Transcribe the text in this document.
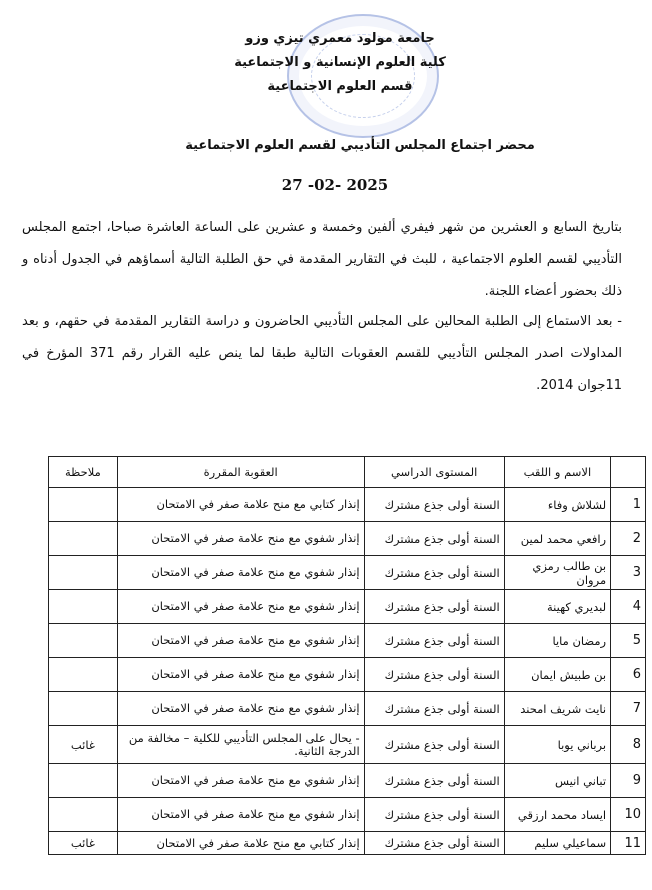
جامعة مولود معمري تيزي وزو
كلية العلوم الإنسانية و الاجتماعية
قسم العلوم الاجتماعية
محضر اجتماع المجلس التأديبي لقسم العلوم الاجتماعية
27 -02- 2025
بتاريخ السابع و العشرين من شهر فيفري ألفين وخمسة و عشرين على الساعة العاشرة صباحا، اجتمع المجلس التأديبي لقسم العلوم الاجتماعية ، للبث في التقارير المقدمة في حق الطلبة التالية أسماؤهم في الجدول أدناه و ذلك بحضور أعضاء اللجنة.
- بعد الاستماع إلى الطلبة المحالين على المجلس التأديبي الحاضرون و دراسة التقارير المقدمة في حقهم، و بعد المداولات اصدر المجلس التأديبي للقسم العقوبات التالية طبقا لما ينص عليه القرار رقم 371 المؤرخ في 11جوان 2014.
	الاسم و اللقب	المستوى الدراسي	العقوبة المقررة	ملاحظة
1	لشلاش وفاء	السنة أولى جذع مشترك	إنذار كتابي مع منح علامة صفر في الامتحان	
2	رافعي محمد لمين	السنة أولى جذع مشترك	إنذار شفوي مع منح علامة صفر في الامتحان	
3	بن طالب رمزي مروان	السنة أولى جذع مشترك	إنذار شفوي مع منح علامة صفر في الامتحان	
4	لبديري كهينة	السنة أولى جذع مشترك	إنذار شفوي مع منح علامة صفر في الامتحان	
5	رمضان مايا	السنة أولى جذع مشترك	إنذار شفوي مع منح علامة صفر في الامتحان	
6	بن طبيش ايمان	السنة أولى جذع مشترك	إنذار شفوي مع منح علامة صفر في الامتحان	
7	نايت شريف امحند	السنة أولى جذع مشترك	إنذار شفوي مع منح علامة صفر في الامتحان	
8	برباني يوبا	السنة أولى جذع مشترك	- يحال على المجلس التأديبي للكلية – مخالفة من الدرجة الثانية.	غائب
9	تباني انيس	السنة أولى جذع مشترك	إنذار شفوي مع منح علامة صفر في الامتحان	
10	ايساد محمد ارزقي	السنة أولى جذع مشترك	إنذار شفوي مع منح علامة صفر في الامتحان	
11	سماعيلي سليم	السنة أولى جذع مشترك	إنذار كتابي مع منح علامة صفر في الامتحان	غائب
